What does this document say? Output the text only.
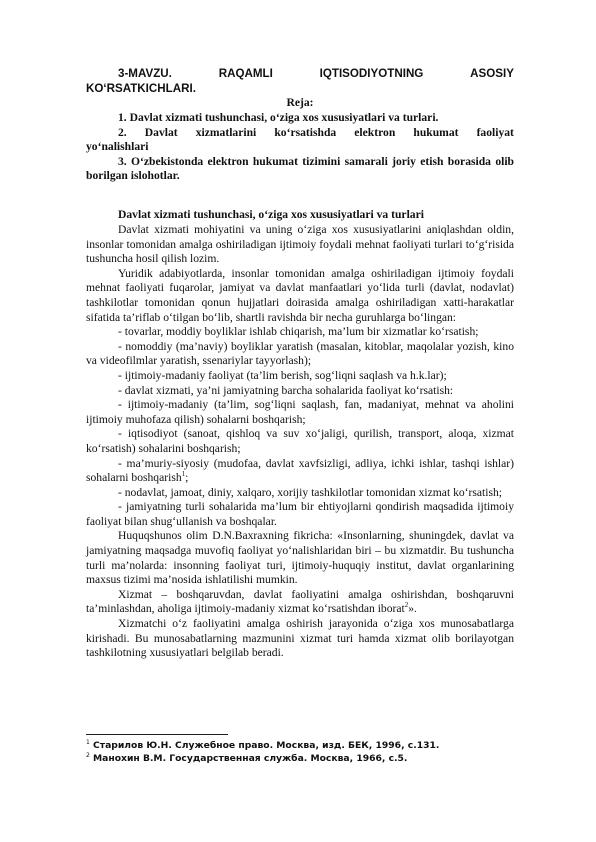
3-MAVZU.	RAQAMLI	IQTISODIYOTNING	ASOSIY
KO‘RSATKICHLARI.
Reja:
1. Davlat xizmati tushunchasi, o‘ziga xos xususiyatlari va turlari.
2. Davlat xizmatlarini ko‘rsatishda elektron hukumat faoliyat
yo‘nalishlari
3. O‘zbekistonda elektron hukumat tizimini samarali joriy etish borasida olib borilgan islohotlar.
Davlat xizmati tushunchasi, o‘ziga xos xususiyatlari va turlari
Davlat xizmati mohiyatini va uning o‘ziga xos xususiyatlarini aniqlashdan oldin, insonlar tomonidan amalga oshiriladigan ijtimoiy foydali mehnat faoliyati turlari to‘g‘risida tushuncha hosil qilish lozim.
Yuridik adabiyotlarda, insonlar tomonidan amalga oshiriladigan ijtimoiy foydali mehnat faoliyati fuqarolar, jamiyat va davlat manfaatlari yo‘lida turli (davlat, nodavlat) tashkilotlar tomonidan qonun hujjatlari doirasida amalga oshiriladigan xatti-harakatlar sifatida ta’riflab o‘tilgan bo‘lib, shartli ravishda bir necha guruhlarga bo‘lingan:
- tovarlar, moddiy boyliklar ishlab chiqarish, ma’lum bir xizmatlar ko‘rsatish;
- nomoddiy (ma’naviy) boyliklar yaratish (masalan, kitoblar, maqolalar yozish, kino va videofilmlar yaratish, ssenariylar tayyorlash);
- ijtimoiy-madaniy faoliyat (ta’lim berish, sog‘liqni saqlash va h.k.lar);
- davlat xizmati, ya’ni jamiyatning barcha sohalarida faoliyat ko‘rsatish:
- ijtimoiy-madaniy (ta’lim, sog‘liqni saqlash, fan, madaniyat, mehnat va aholini ijtimoiy muhofaza qilish) sohalarni boshqarish;
- iqtisodiyot (sanoat, qishloq va suv xo‘jaligi, qurilish, transport, aloqa, xizmat ko‘rsatish) sohalarini boshqarish;
- ma’muriy-siyosiy (mudofaa, davlat xavfsizligi, adliya, ichki ishlar, tashqi ishlar) sohalarni boshqarish$^1$;
- nodavlat, jamoat, diniy, xalqaro, xorijiy tashkilotlar tomonidan xizmat ko‘rsatish;
- jamiyatning turli sohalarida ma’lum bir ehtiyojlarni qondirish maqsadida ijtimoiy faoliyat bilan shug‘ullanish va boshqalar.
Huquqshunos olim D.N.Baxraxning fikricha: «Insonlarning, shuningdek, davlat va jamiyatning maqsadga muvofiq faoliyat yo‘nalishlaridan biri – bu xizmatdir. Bu tushuncha turli ma’nolarda: insonning faoliyat turi, ijtimoiy-huquqiy institut, davlat organlarining maxsus tizimi ma’nosida ishlatilishi mumkin.
Xizmat – boshqaruvdan, davlat faoliyatini amalga oshirishdan, boshqaruvni ta’minlashdan, aholiga ijtimoiy-madaniy xizmat ko‘rsatishdan iborat$^2$».
Xizmatchi o‘z faoliyatini amalga oshirish jarayonida o‘ziga xos munosabatlarga kirishadi. Bu munosabatlarning mazmunini xizmat turi hamda xizmat olib borilayotgan tashkilotning xususiyatlari belgilab beradi.
$^1$ Старилов Ю.Н. Служебное право. Москва, изд. БЕК, 1996, с.131.
$^2$ Манохин В.М. Государственная служба. Москва, 1966, с.5.
